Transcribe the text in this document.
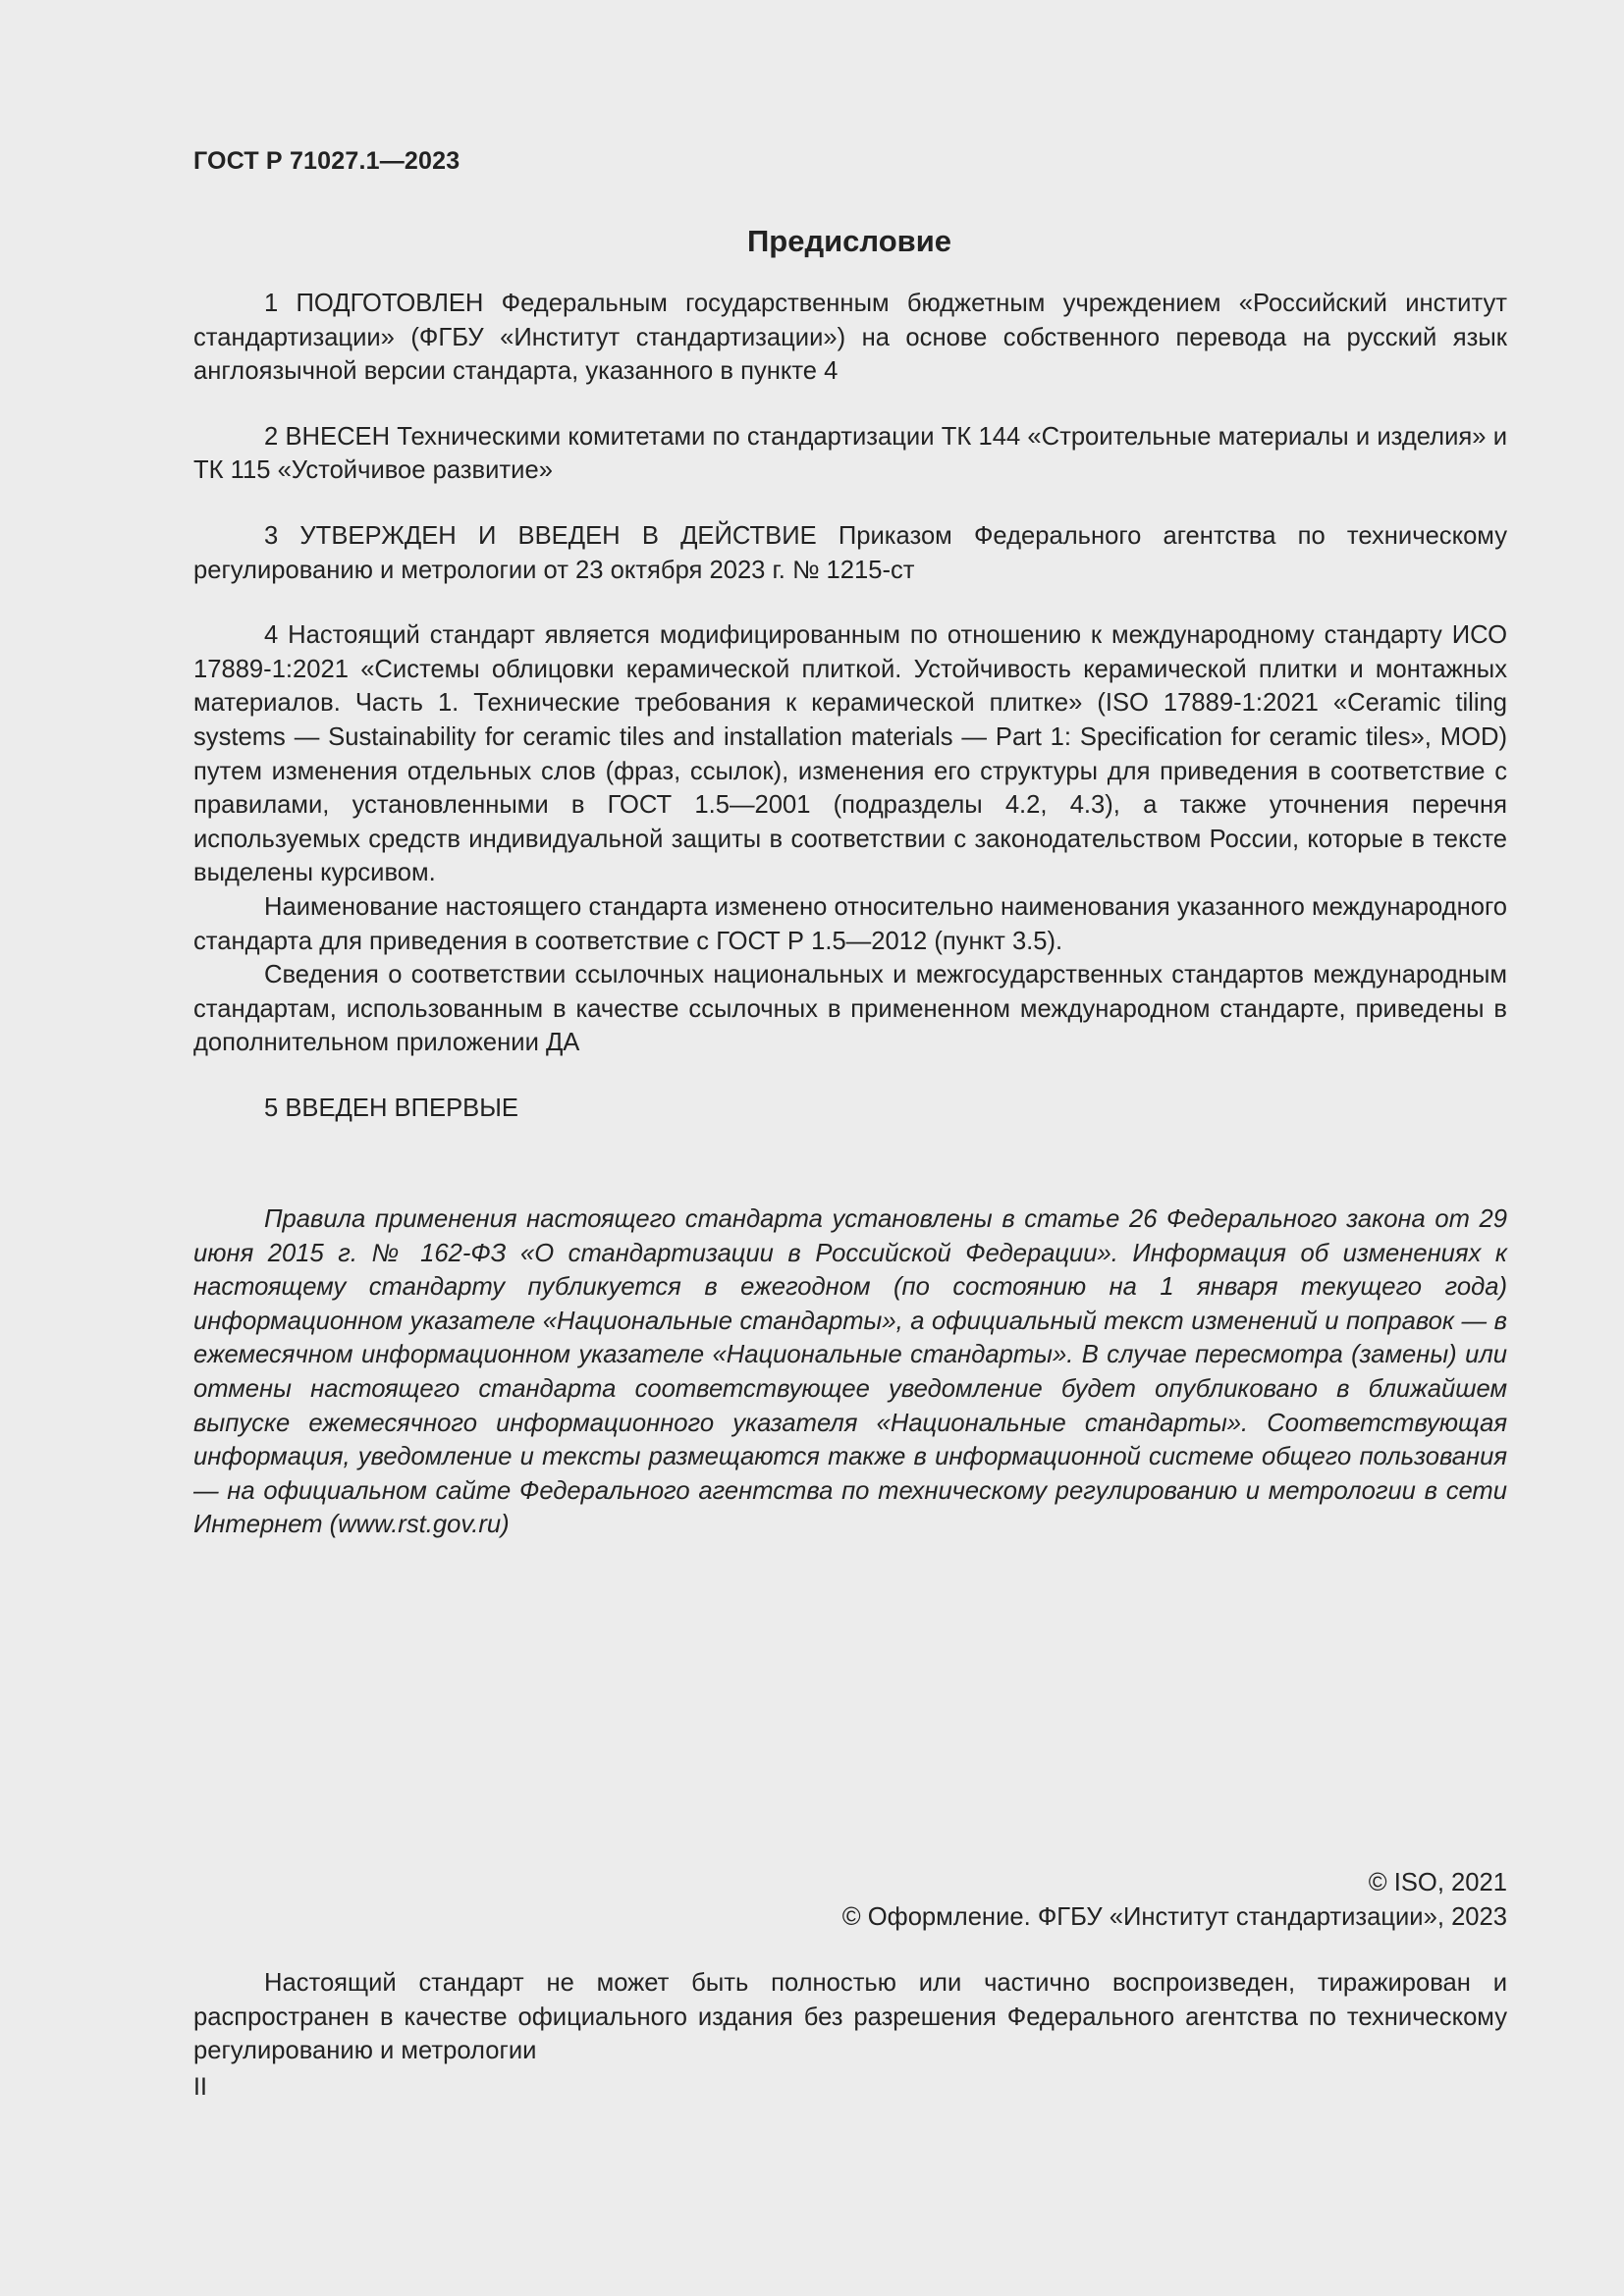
ГОСТ Р 71027.1—2023
Предисловие

1 ПОДГОТОВЛЕН Федеральным государственным бюджетным учреждением «Российский институт стандартизации» (ФГБУ «Институт стандартизации») на основе собственного перевода на русский язык англоязычной версии стандарта, указанного в пункте 4

2 ВНЕСЕН Техническими комитетами по стандартизации ТК 144 «Строительные материалы и изделия» и ТК 115 «Устойчивое развитие»

3 УТВЕРЖДЕН И ВВЕДЕН В ДЕЙСТВИЕ Приказом Федерального агентства по техническому регулированию и метрологии от 23 октября 2023 г. № 1215-ст

4 Настоящий стандарт является модифицированным по отношению к международному стандарту ИСО 17889-1:2021 «Системы облицовки керамической плиткой. Устойчивость керамической плитки и монтажных материалов. Часть 1. Технические требования к керамической плитке» (ISO 17889-1:2021 «Ceramic tiling systems — Sustainability for ceramic tiles and installation materials — Part 1: Specification for ceramic tiles», MOD) путем изменения отдельных слов (фраз, ссылок), изменения его структуры для приведения в соответствие с правилами, установленными в ГОСТ 1.5—2001 (подразделы 4.2, 4.3), а также уточнения перечня используемых средств индивидуальной защиты в соответствии с законодательством России, которые в тексте выделены курсивом.

Наименование настоящего стандарта изменено относительно наименования указанного международного стандарта для приведения в соответствие с ГОСТ Р 1.5—2012 (пункт 3.5).

Сведения о соответствии ссылочных национальных и межгосударственных стандартов международным стандартам, использованным в качестве ссылочных в примененном международном стандарте, приведены в дополнительном приложении ДА

5 ВВЕДЕН ВПЕРВЫЕ

Правила применения настоящего стандарта установлены в статье 26 Федерального закона от 29 июня 2015 г. № 162-ФЗ «О стандартизации в Российской Федерации». Информация об изменениях к настоящему стандарту публикуется в ежегодном (по состоянию на 1 января текущего года) информационном указателе «Национальные стандарты», а официальный текст изменений и поправок — в ежемесячном информационном указателе «Национальные стандарты». В случае пересмотра (замены) или отмены настоящего стандарта соответствующее уведомление будет опубликовано в ближайшем выпуске ежемесячного информационного указателя «Национальные стандарты». Соответствующая информация, уведомление и тексты размещаются также в информационной системе общего пользования — на официальном сайте Федерального агентства по техническому регулированию и метрологии в сети Интернет (www.rst.gov.ru)

© ISO, 2021
© Оформление. ФГБУ «Институт стандартизации», 2023

Настоящий стандарт не может быть полностью или частично воспроизведен, тиражирован и распространен в качестве официального издания без разрешения Федерального агентства по техническому регулированию и метрологии

II
